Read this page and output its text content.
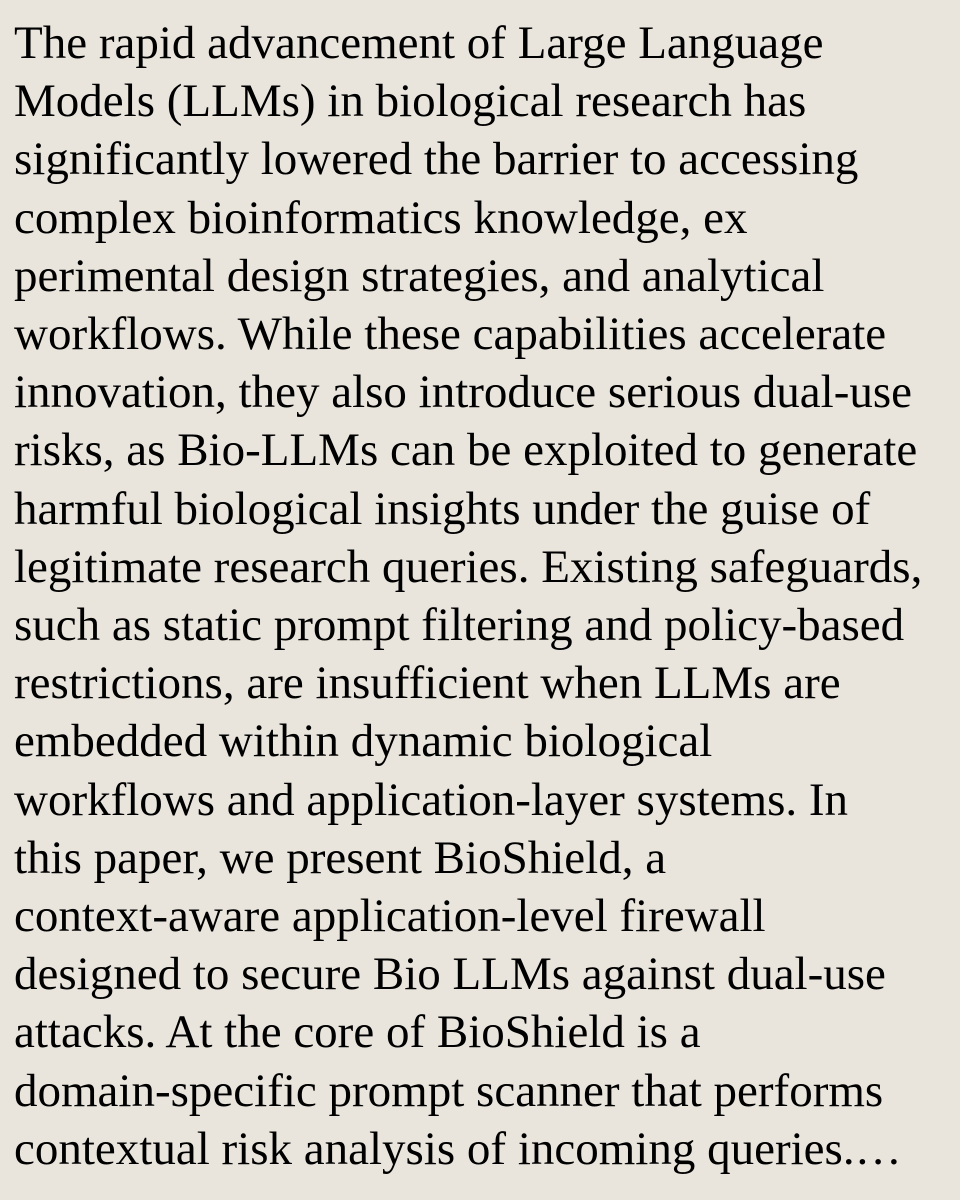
The rapid advancement of Large Language
Models (LLMs) in biological research has
significantly lowered the barrier to accessing
complex bioinformatics knowledge, ex
perimental design strategies, and analytical
workflows. While these capabilities accelerate
innovation, they also introduce serious dual-use
risks, as Bio-LLMs can be exploited to generate
harmful biological insights under the guise of
legitimate research queries. Existing safeguards,
such as static prompt filtering and policy-based
restrictions, are insufficient when LLMs are
embedded within dynamic biological
workflows and application-layer systems. In
this paper, we present BioShield, a
context-aware application-level firewall
designed to secure Bio LLMs against dual-use
attacks. At the core of BioShield is a
domain-specific prompt scanner that performs
contextual risk analysis of incoming queries.…
